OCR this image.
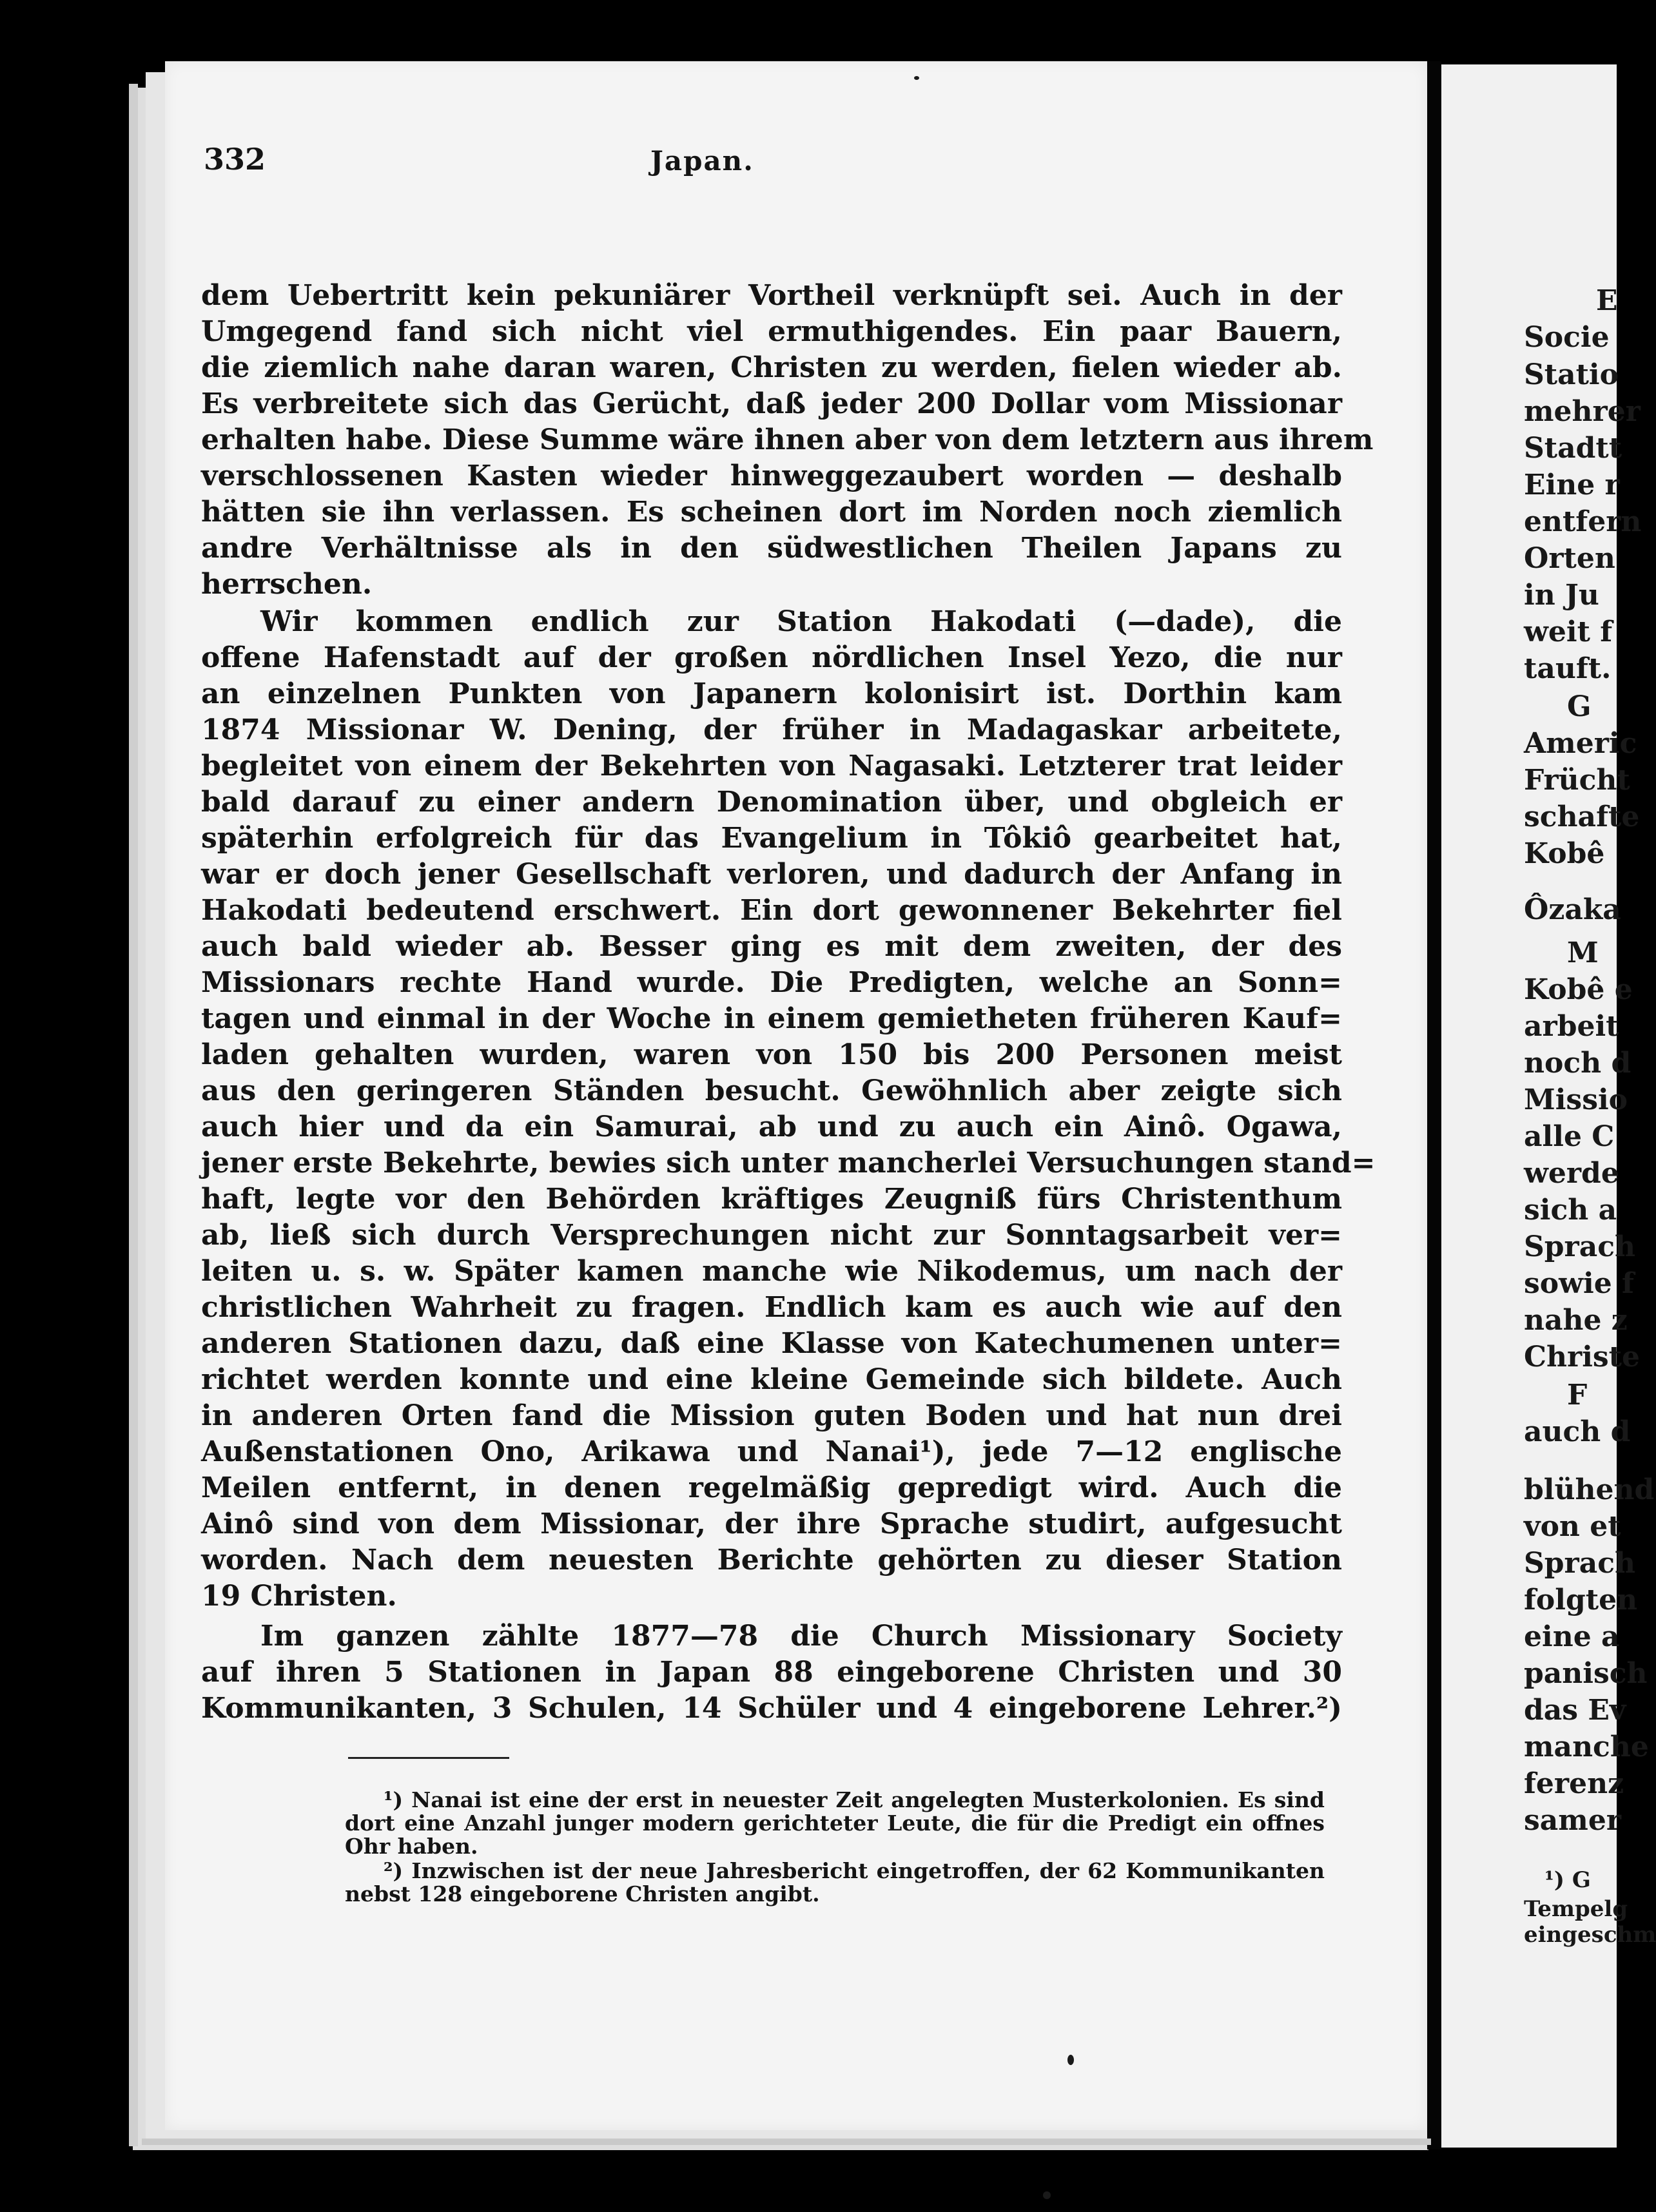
332	Japan.
dem Uebertritt kein pekuniärer Vortheil verknüpft sei. Auch in der
Umgegend fand sich nicht viel ermuthigendes. Ein paar Bauern,
die ziemlich nahe daran waren, Christen zu werden, fielen wieder ab.
Es verbreitete sich das Gerücht, daß jeder 200 Dollar vom Missionar
erhalten habe. Diese Summe wäre ihnen aber von dem letztern aus ihrem
verschlossenen Kasten wieder hinweggezaubert worden — deshalb
hätten sie ihn verlassen. Es scheinen dort im Norden noch ziemlich
andre Verhältnisse als in den südwestlichen Theilen Japans zu
herrschen.
Wir kommen endlich zur Station Hakodati (—dade), die
offene Hafenstadt auf der großen nördlichen Insel Yezo, die nur
an einzelnen Punkten von Japanern kolonisirt ist. Dorthin kam
1874 Missionar W. Dening, der früher in Madagaskar arbeitete,
begleitet von einem der Bekehrten von Nagasaki. Letzterer trat leider
bald darauf zu einer andern Denomination über, und obgleich er
späterhin erfolgreich für das Evangelium in Tôkiô gearbeitet hat,
war er doch jener Gesellschaft verloren, und dadurch der Anfang in
Hakodati bedeutend erschwert. Ein dort gewonnener Bekehrter fiel
auch bald wieder ab. Besser ging es mit dem zweiten, der des
Missionars rechte Hand wurde. Die Predigten, welche an Sonn=
tagen und einmal in der Woche in einem gemietheten früheren Kauf=
laden gehalten wurden, waren von 150 bis 200 Personen meist
aus den geringeren Ständen besucht. Gewöhnlich aber zeigte sich
auch hier und da ein Samurai, ab und zu auch ein Ainô. Ogawa,
jener erste Bekehrte, bewies sich unter mancherlei Versuchungen stand=
haft, legte vor den Behörden kräftiges Zeugniß fürs Christenthum
ab, ließ sich durch Versprechungen nicht zur Sonntagsarbeit ver=
leiten u. s. w. Später kamen manche wie Nikodemus, um nach der
christlichen Wahrheit zu fragen. Endlich kam es auch wie auf den
anderen Stationen dazu, daß eine Klasse von Katechumenen unter=
richtet werden konnte und eine kleine Gemeinde sich bildete. Auch
in anderen Orten fand die Mission guten Boden und hat nun drei
Außenstationen Ono, Arikawa und Nanai¹), jede 7—12 englische
Meilen entfernt, in denen regelmäßig gepredigt wird. Auch die
Ainô sind von dem Missionar, der ihre Sprache studirt, aufgesucht
worden. Nach dem neuesten Berichte gehörten zu dieser Station
19 Christen.
Im ganzen zählte 1877—78 die Church Missionary Society
auf ihren 5 Stationen in Japan 88 eingeborene Christen und 30
Kommunikanten, 3 Schulen, 14 Schüler und 4 eingeborene Lehrer.²)
¹) Nanai ist eine der erst in neuester Zeit angelegten Musterkolonien. Es sind
dort eine Anzahl junger modern gerichteter Leute, die für die Predigt ein offnes
Ohr haben.
²) Inzwischen ist der neue Jahresbericht eingetroffen, der 62 Kommunikanten
nebst 128 eingeborene Christen angibt.
E
Socie
Statio
mehrer
Stadtt
Eine r
entfern
Orten
in Ju
weit f
tauft.
G
Americ
Frücht
schafte
Kobê
Ôzaka
M
Kobê e
arbeit
noch d
Missio
alle C
werde
sich a
Sprach
sowie f
nahe z
Christe
F
auch d
blühend
von et
Sprach
folgten
eine a
panisch
das Ev
manche
ferenz
samer
¹) G
Tempelg
eingeschm
